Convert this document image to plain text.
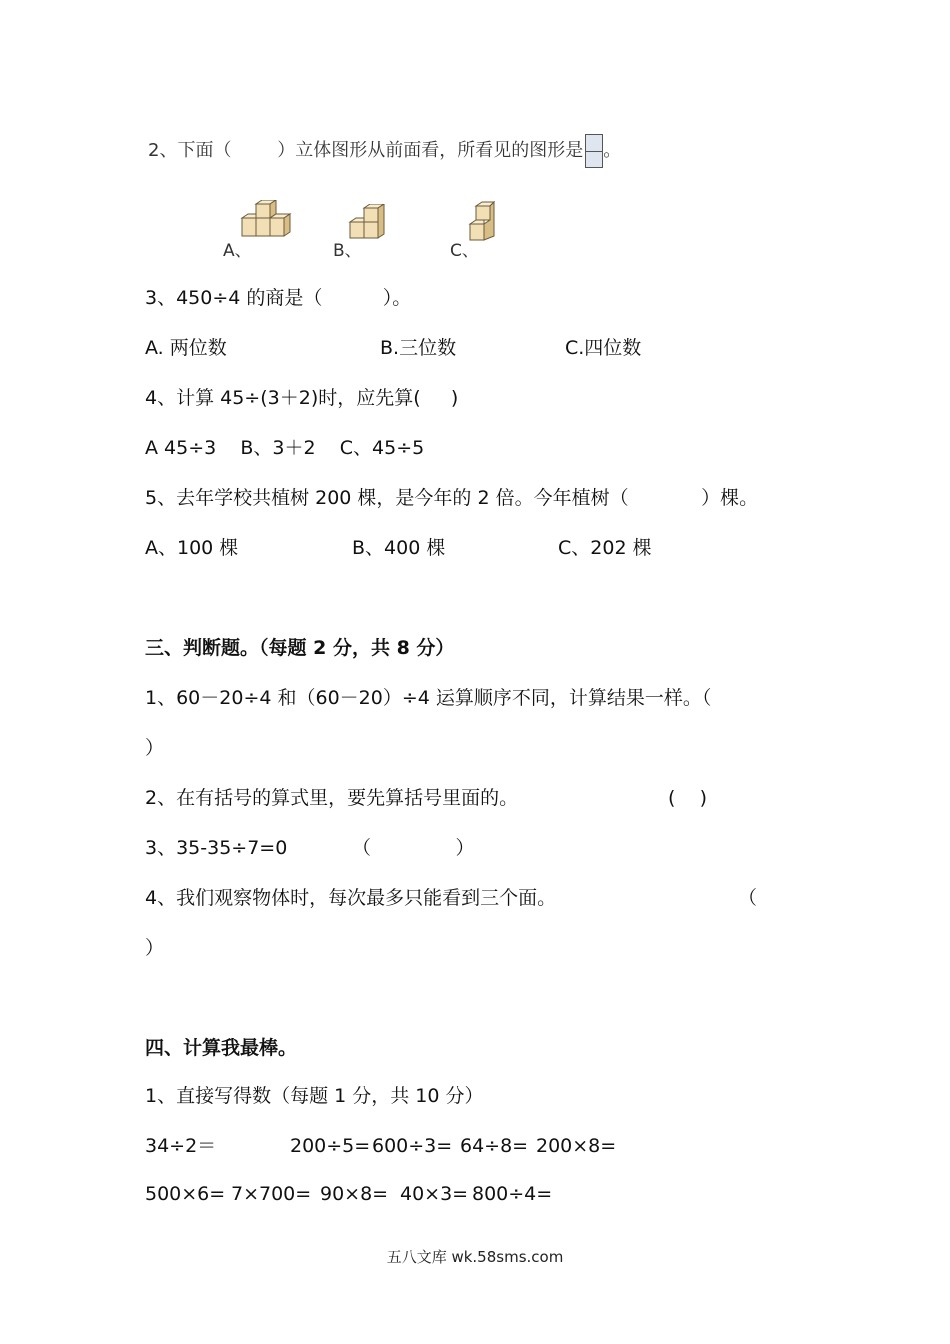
2、下面（        ）立体图形从前面看，所看见的图形是 。
A、	B、	C、
3、450÷4 的商是（          ）。
A. 两位数	B.三位数	C.四位数
4、计算 45÷(3＋2)时，应先算(     )
A 45÷3    B、3＋2    C、45÷5
5、去年学校共植树 200 棵，是今年的 2 倍。今年植树（            ）棵。
A、100 棵	B、400 棵	C、202 棵
三、判断题。（每题 2 分，共 8 分）
1、60－20÷4 和（60－20）÷4 运算顺序不同，计算结果一样。（
）
2、在有括号的算式里，要先算括号里面的。	(    )
3、35-35÷7=0	（              ）
4、我们观察物体时，每次最多只能看到三个面。	（
）
四、计算我最棒。
1、直接写得数（每题 1 分，共 10 分）
34÷2＝	200÷5= 600÷3= 64÷8= 200×8=
500×6= 7×700= 90×8= 40×3= 800÷4=
五八文库 wk.58sms.com
